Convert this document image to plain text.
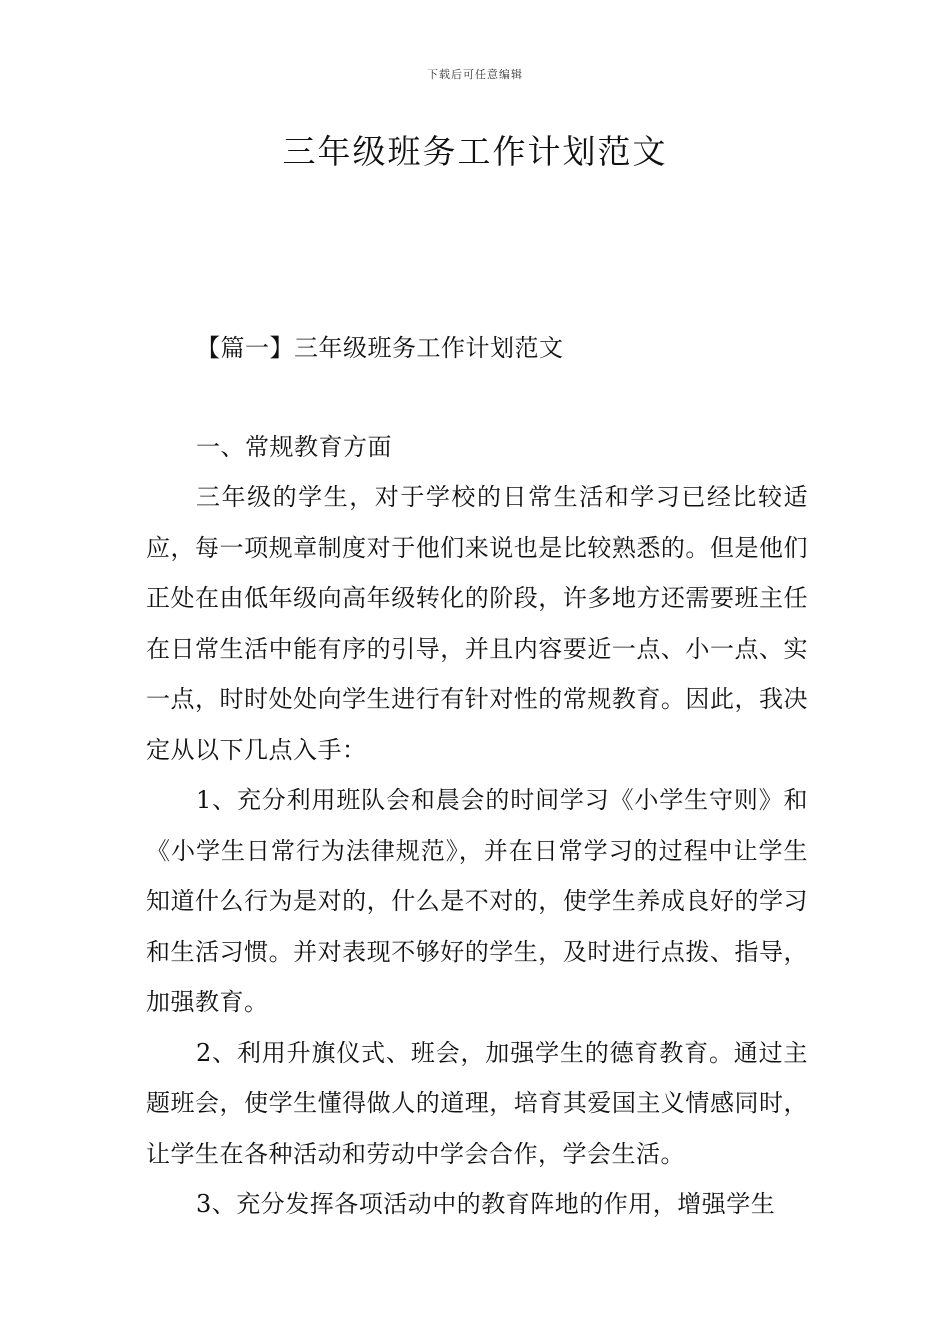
下载后可任意编辑
三年级班务工作计划范文

【篇一】三年级班务工作计划范文

一、常规教育方面

三年级的学生，对于学校的日常生活和学习已经比较适应，每一项规章制度对于他们来说也是比较熟悉的。但是他们正处在由低年级向高年级转化的阶段，许多地方还需要班主任在日常生活中能有序的引导，并且内容要近一点、小一点、实一点，时时处处向学生进行有针对性的常规教育。因此，我决定从以下几点入手：

1、充分利用班队会和晨会的时间学习《小学生守则》和《小学生日常行为法律规范》，并在日常学习的过程中让学生知道什么行为是对的，什么是不对的，使学生养成良好的学习和生活习惯。并对表现不够好的学生，及时进行点拨、指导，加强教育。

2、利用升旗仪式、班会，加强学生的德育教育。通过主题班会，使学生懂得做人的道理，培育其爱国主义情感同时，让学生在各种活动和劳动中学会合作，学会生活。

3、充分发挥各项活动中的教育阵地的作用，增强学生
